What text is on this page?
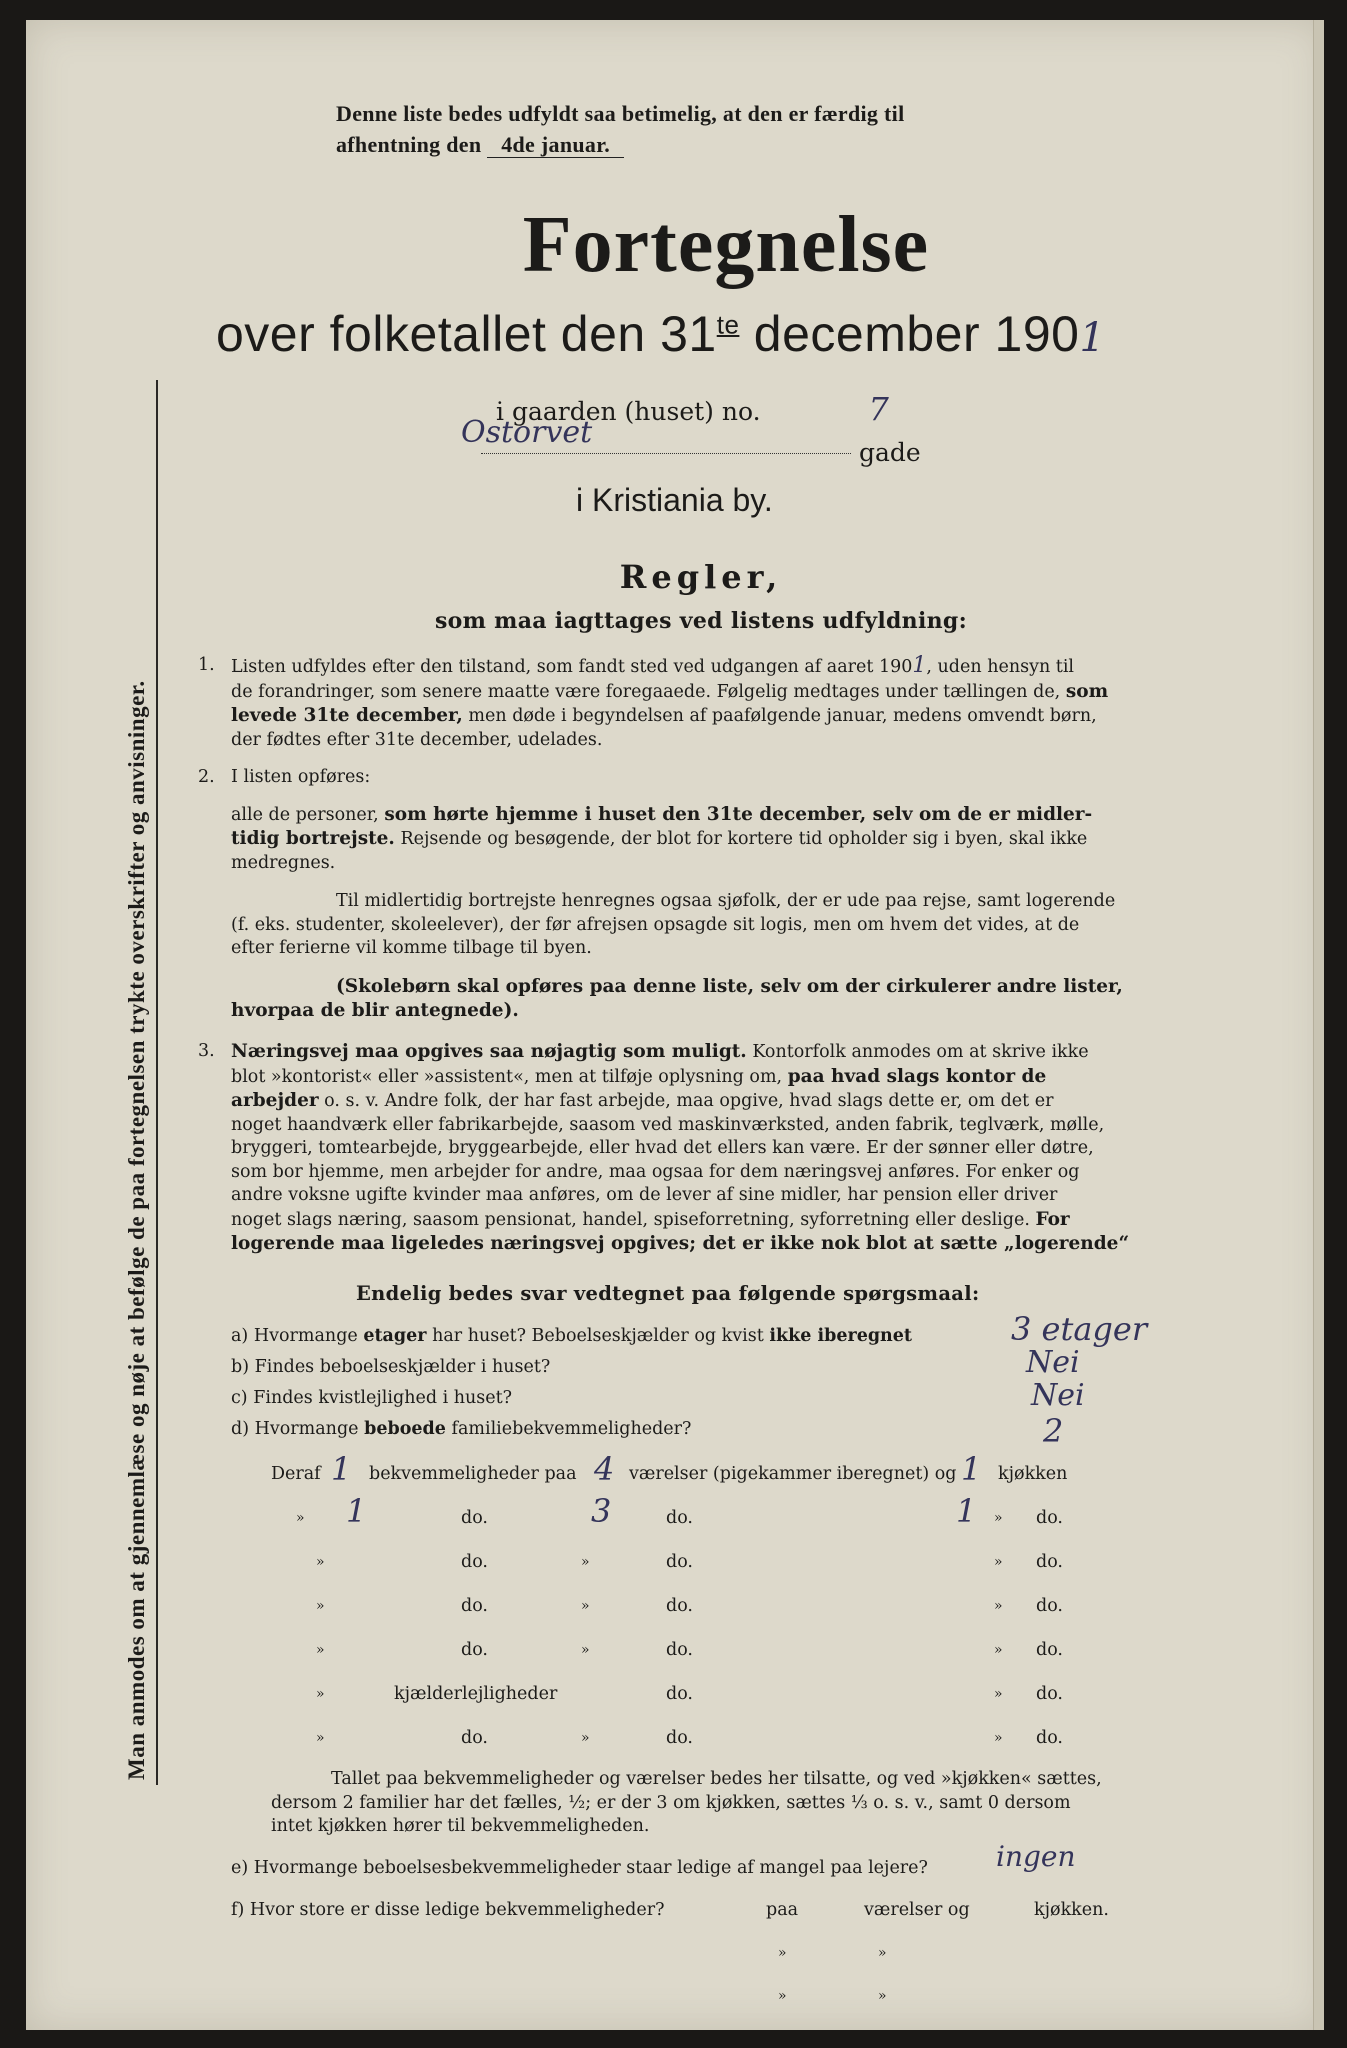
Man anmodes om at gjennemlæse og nøje at befølge de paa fortegnelsen trykte overskrifter og anvisninger.
Denne liste bedes udfyldt saa betimelig, at den er færdig til
afhentning den 4de januar.
Fortegnelse
over folketallet den $31^{te}$ december 1901
i gaarden (huset) no.	7
Ostorvet
gade
i Kristiania by.
Regler,
som maa iagttages ved listens udfyldning:
1. Listen udfyldes efter den tilstand, som fandt sted ved udgangen af aaret 1901, uden hensyn til
de forandringer, som senere maatte være foregaaede. Følgelig medtages under tællingen de, som
levede 31te december, men døde i begyndelsen af paafølgende januar, medens omvendt børn,
der fødtes efter 31te december, udelades.
2. I listen opføres:
alle de personer, som hørte hjemme i huset den 31te december, selv om de er midler-
tidig bortrejste. Rejsende og besøgende, der blot for kortere tid opholder sig i byen, skal ikke
medregnes.
Til midlertidig bortrejste henregnes ogsaa sjøfolk, der er ude paa rejse, samt logerende
(f. eks. studenter, skoleelever), der før afrejsen opsagde sit logis, men om hvem det vides, at de
efter ferierne vil komme tilbage til byen.
(Skolebørn skal opføres paa denne liste, selv om der cirkulerer andre lister,
hvorpaa de blir antegnede).
3. Næringsvej maa opgives saa nøjagtig som muligt. Kontorfolk anmodes om at skrive ikke
blot »kontorist« eller »assistent«, men at tilføje oplysning om, paa hvad slags kontor de
arbejder o. s. v. Andre folk, der har fast arbejde, maa opgive, hvad slags dette er, om det er
noget haandværk eller fabrikarbejde, saasom ved maskinværksted, anden fabrik, teglværk, mølle,
bryggeri, tomtearbejde, bryggearbejde, eller hvad det ellers kan være. Er der sønner eller døtre,
som bor hjemme, men arbejder for andre, maa ogsaa for dem næringsvej anføres. For enker og
andre voksne ugifte kvinder maa anføres, om de lever af sine midler, har pension eller driver
noget slags næring, saasom pensionat, handel, spiseforretning, syforretning eller deslige. For
logerende maa ligeledes næringsvej opgives; det er ikke nok blot at sætte „logerende“
Endelig bedes svar vedtegnet paa følgende spørgsmaal:
a) Hvormange etager har huset? Beboelseskjælder og kvist ikke iberegnet	3 etager
b) Findes beboelseskjælder i huset?	Nei
c) Findes kvistlejlighed i huset?	Nei
d) Hvormange beboede familiebekvemmeligheder?	2
Deraf 1 bekvemmeligheder paa 4 værelser (pigekammer iberegnet) og 1 kjøkken
» 1	do.	3	do.	1 » do.
»	do.	»	do.	» do.
»	do.	»	do.	» do.
»	do.	»	do.	» do.
»	kjælderlejligheder	do.	» do.
»	do.	»	do.	» do.
Tallet paa bekvemmeligheder og værelser bedes her tilsatte, og ved »kjøkken« sættes,
dersom 2 familier har det fælles, ½; er der 3 om kjøkken, sættes ⅓ o. s. v., samt 0 dersom
intet kjøkken hører til bekvemmeligheden.
e) Hvormange beboelsesbekvemmeligheder staar ledige af mangel paa lejere? ingen
f) Hvor store er disse ledige bekvemmeligheder?	paa	værelser og	kjøkken.
»	»
»	»
